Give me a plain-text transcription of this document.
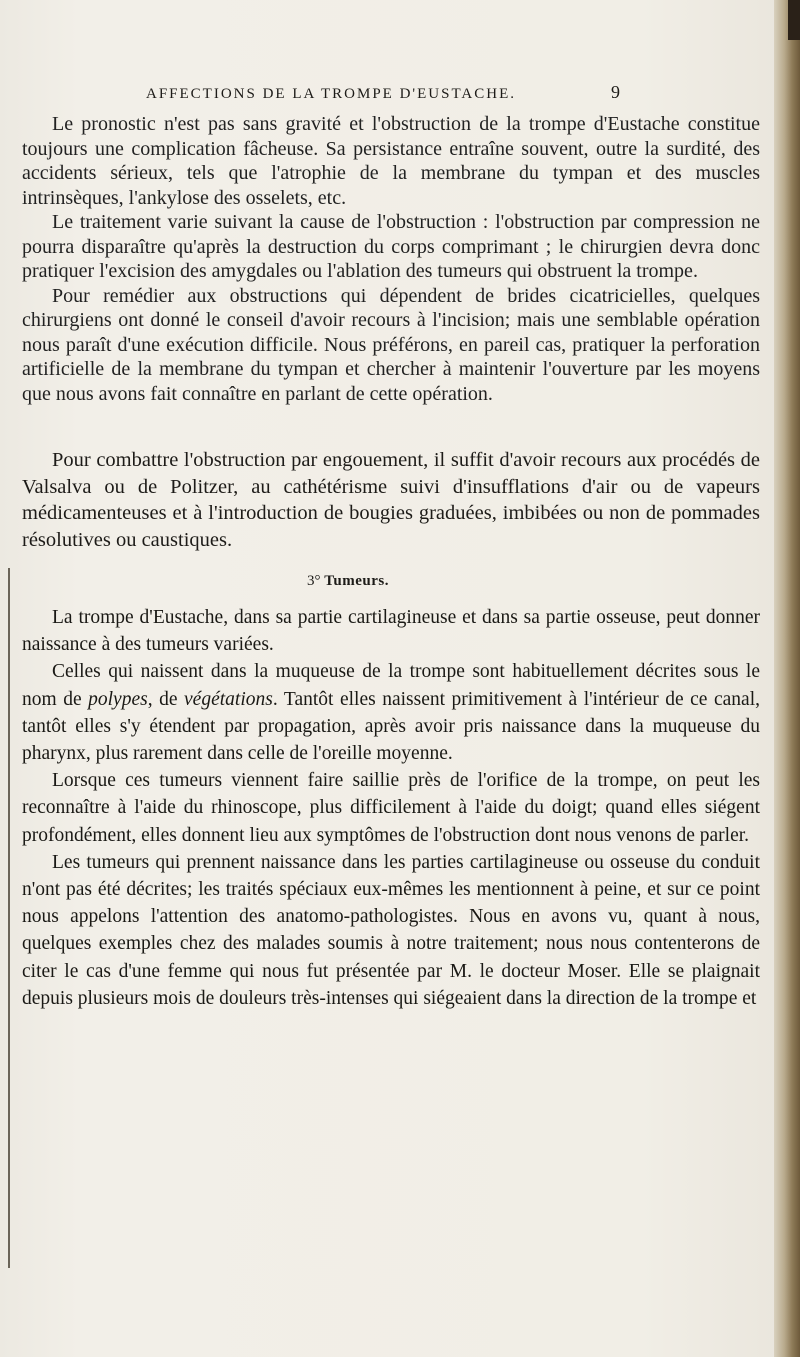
AFFECTIONS DE LA TROMPE D'EUSTACHE.	9

Le pronostic n'est pas sans gravité et l'obstruction de la trompe d'Eustache constitue toujours une complication fâcheuse. Sa persistance entraîne souvent, outre la surdité, des accidents sérieux, tels que l'atrophie de la membrane du tympan et des muscles intrinsèques, l'ankylose des osselets, etc.

Le traitement varie suivant la cause de l'obstruction : l'obstruction par compression ne pourra disparaître qu'après la destruction du corps comprimant ; le chirurgien devra donc pratiquer l'excision des amygdales ou l'ablation des tumeurs qui obstruent la trompe.

Pour remédier aux obstructions qui dépendent de brides cicatricielles, quelques chirurgiens ont donné le conseil d'avoir recours à l'incision; mais une semblable opération nous paraît d'une exécution difficile. Nous préférons, en pareil cas, pratiquer la perforation artificielle de la membrane du tympan et chercher à maintenir l'ouverture par les moyens que nous avons fait connaître en parlant de cette opération.

Pour combattre l'obstruction par engouement, il suffit d'avoir recours aux procédés de Valsalva ou de Politzer, au cathétérisme suivi d'insufflations d'air ou de vapeurs médicamenteuses et à l'introduction de bougies graduées, imbibées ou non de pommades résolutives ou caustiques.

3° Tumeurs.

La trompe d'Eustache, dans sa partie cartilagineuse et dans sa partie osseuse, peut donner naissance à des tumeurs variées.

Celles qui naissent dans la muqueuse de la trompe sont habituellement décrites sous le nom de polypes, de végétations. Tantôt elles naissent primitivement à l'intérieur de ce canal, tantôt elles s'y étendent par propagation, après avoir pris naissance dans la muqueuse du pharynx, plus rarement dans celle de l'oreille moyenne.

Lorsque ces tumeurs viennent faire saillie près de l'orifice de la trompe, on peut les reconnaître à l'aide du rhinoscope, plus difficilement à l'aide du doigt; quand elles siégent profondément, elles donnent lieu aux symptômes de l'obstruction dont nous venons de parler.

Les tumeurs qui prennent naissance dans les parties cartilagineuse ou osseuse du conduit n'ont pas été décrites; les traités spéciaux eux-mêmes les mentionnent à peine, et sur ce point nous appelons l'attention des anatomo-pathologistes. Nous en avons vu, quant à nous, quelques exemples chez des malades soumis à notre traitement; nous nous contenterons de citer le cas d'une femme qui nous fut présentée par M. le docteur Moser. Elle se plaignait depuis plusieurs mois de douleurs très-intenses qui siégeaient dans la direction de la trompe et
